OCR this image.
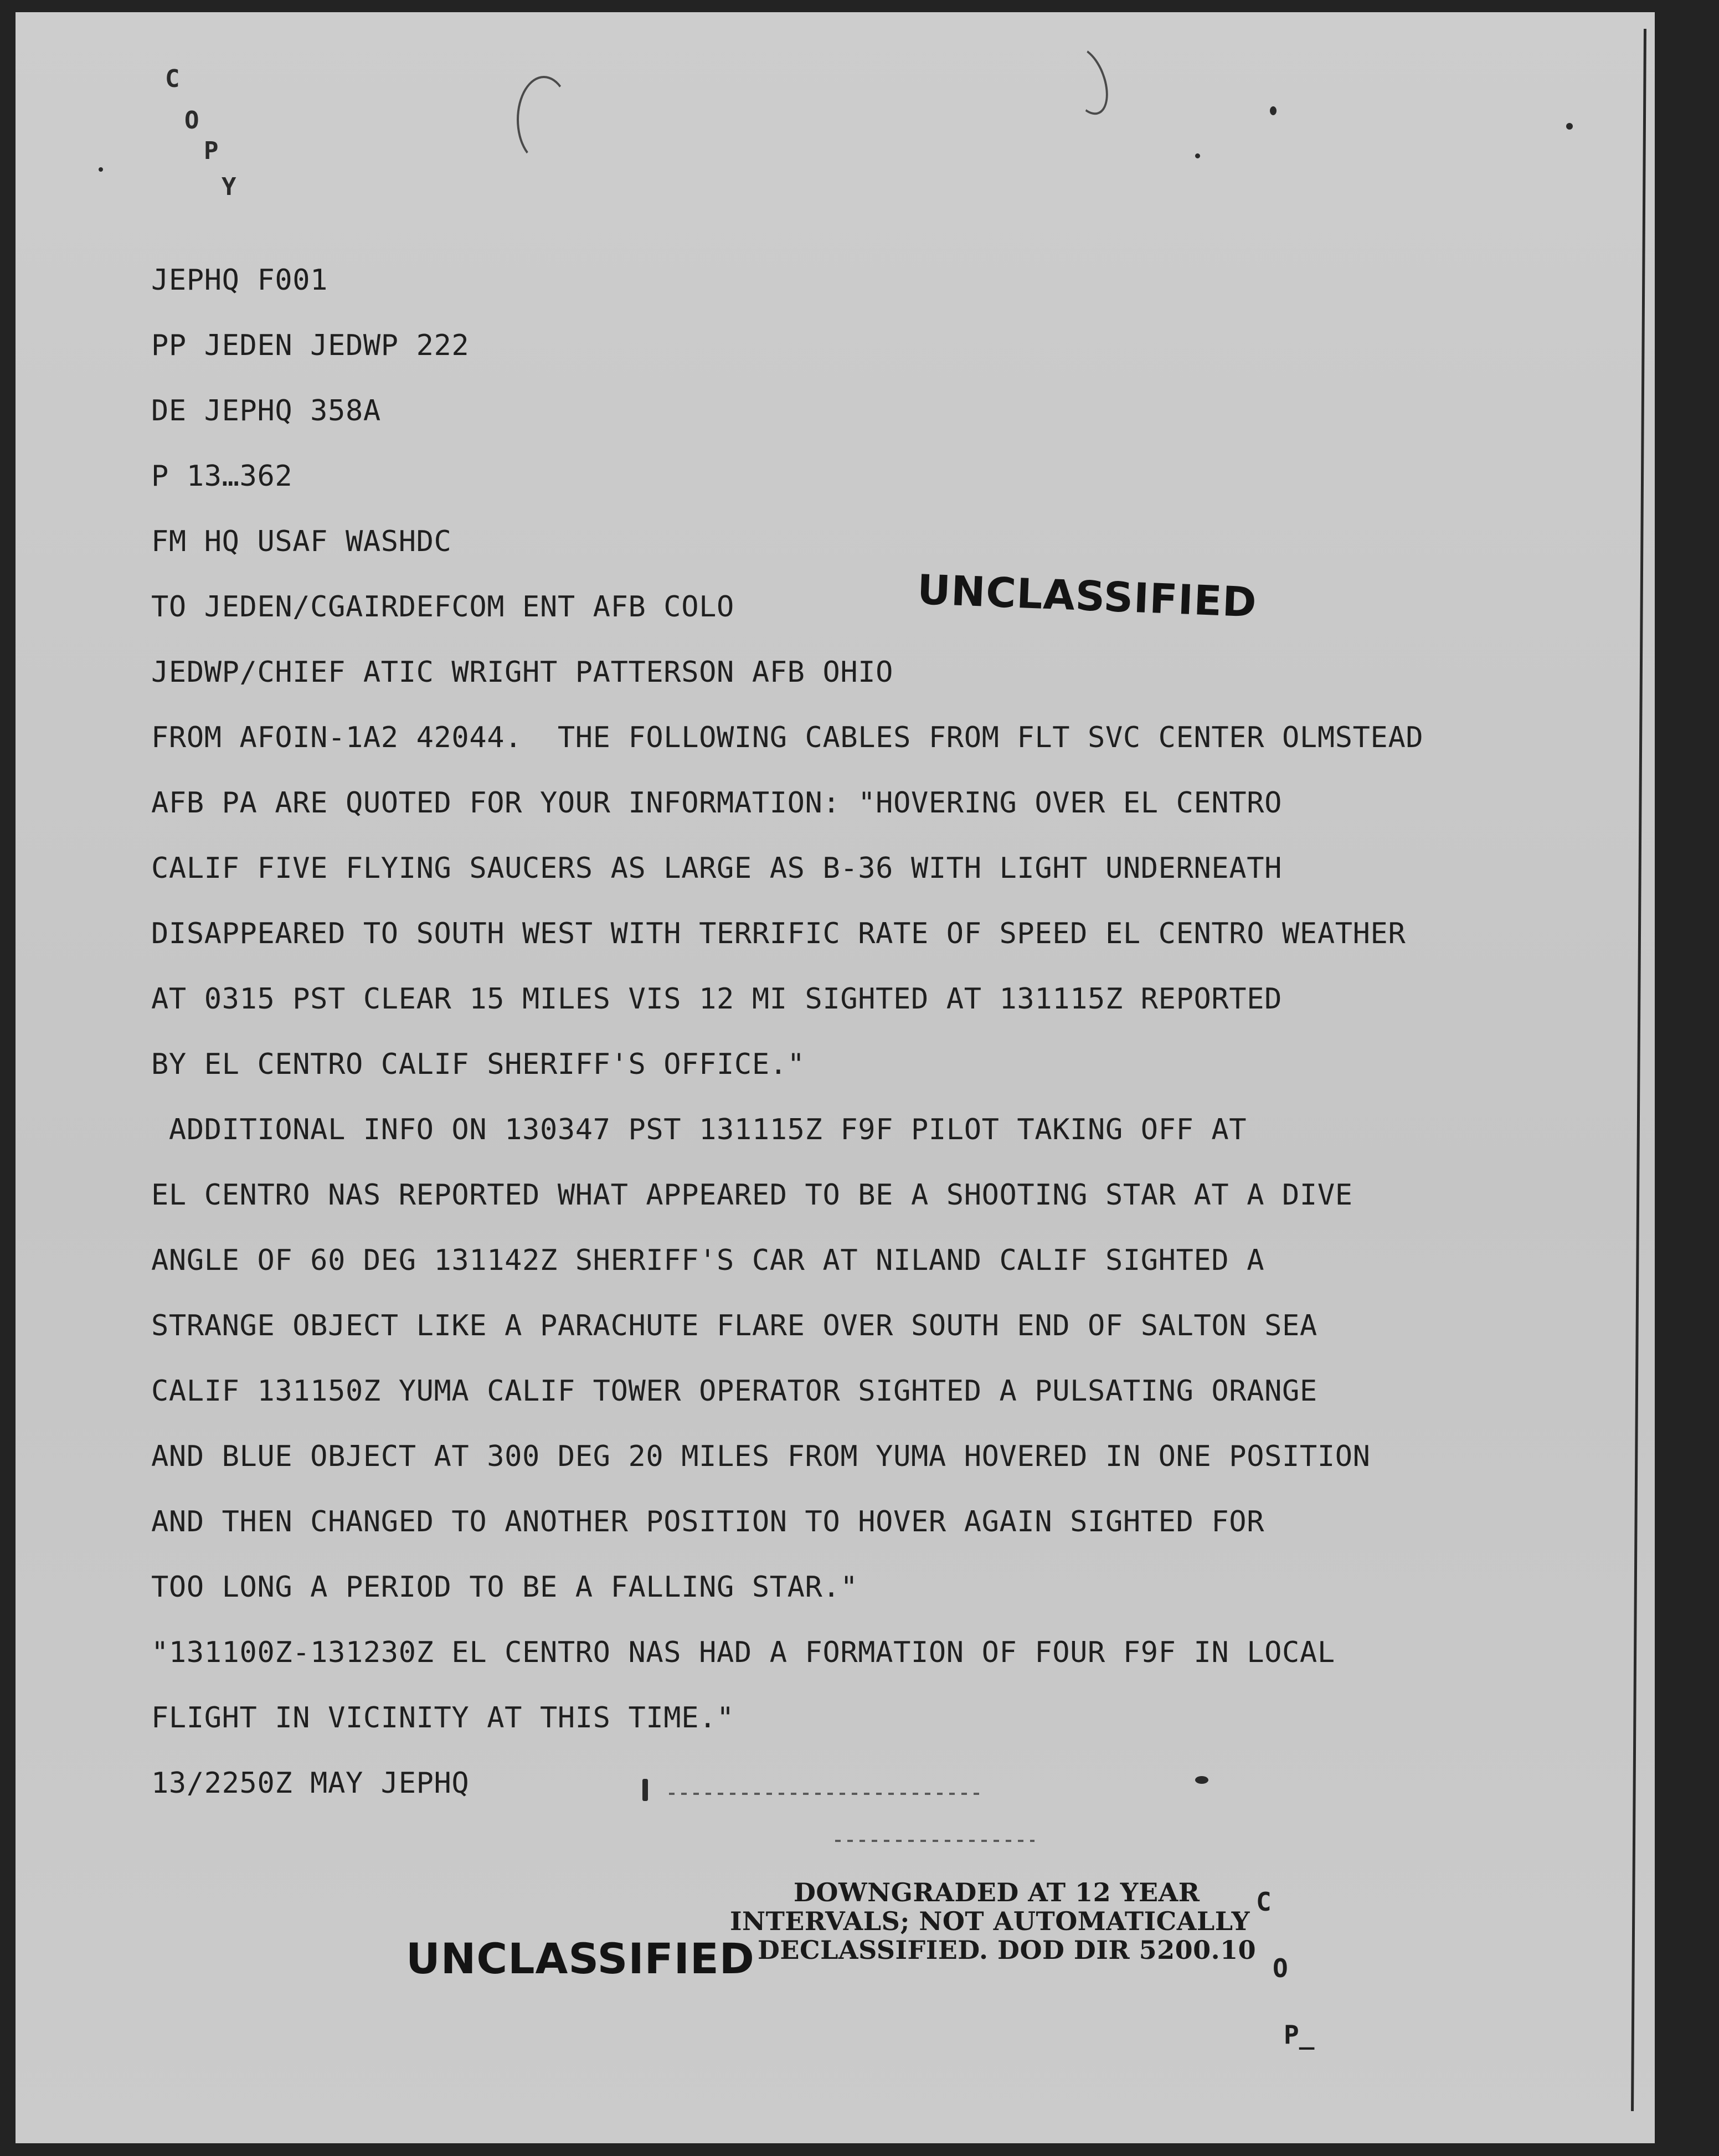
C
O
P
Y

JEPHQ F001

PP JEDEN JEDWP 222

DE JEPHQ 358A

P 13…362

FM HQ USAF WASHDC

TO JEDEN/CGAIRDEFCOM ENT AFB COLO

JEDWP/CHIEF ATIC WRIGHT PATTERSON AFB OHIO

FROM AFOIN-1A2 42044.  THE FOLLOWING CABLES FROM FLT SVC CENTER OLMSTEAD

AFB PA ARE QUOTED FOR YOUR INFORMATION: "HOVERING OVER EL CENTRO

CALIF FIVE FLYING SAUCERS AS LARGE AS B-36 WITH LIGHT UNDERNEATH

DISAPPEARED TO SOUTH WEST WITH TERRIFIC RATE OF SPEED EL CENTRO WEATHER

AT 0315 PST CLEAR 15 MILES VIS 12 MI SIGHTED AT 131115Z REPORTED

BY EL CENTRO CALIF SHERIFF'S OFFICE."

ADDITIONAL INFO ON 130347 PST 131115Z F9F PILOT TAKING OFF AT

EL CENTRO NAS REPORTED WHAT APPEARED TO BE A SHOOTING STAR AT A DIVE

ANGLE OF 60 DEG 131142Z SHERIFF'S CAR AT NILAND CALIF SIGHTED A

STRANGE OBJECT LIKE A PARACHUTE FLARE OVER SOUTH END OF SALTON SEA

CALIF 131150Z YUMA CALIF TOWER OPERATOR SIGHTED A PULSATING ORANGE

AND BLUE OBJECT AT 300 DEG 20 MILES FROM YUMA HOVERED IN ONE POSITION

AND THEN CHANGED TO ANOTHER POSITION TO HOVER AGAIN SIGHTED FOR

TOO LONG A PERIOD TO BE A FALLING STAR."

"131100Z-131230Z EL CENTRO NAS HAD A FORMATION OF FOUR F9F IN LOCAL

FLIGHT IN VICINITY AT THIS TIME."

13/2250Z MAY JEPHQ

UNCLASSIFIED
UNCLASSIFIED
DOWNGRADED AT 12 YEAR
INTERVALS; NOT AUTOMATICALLY
DECLASSIFIED. DOD DIR 5200.10
C
O
P_
